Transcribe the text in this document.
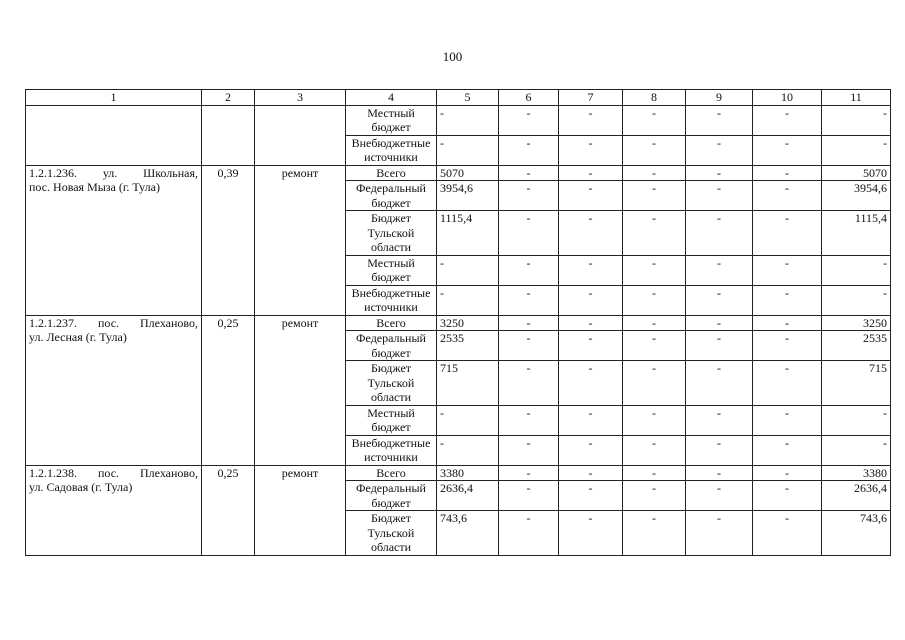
100
1	2	3	4	5	6	7	8	9	10	11
			Местный бюджет	-	-	-	-	-	-	-
			Внебюджетные источники	-	-	-	-	-	-	-
1.2.1.236. ул. Школьная,
пос. Новая Мыза (г. Тула)	0,39	ремонт	Всего	5070	-	-	-	-	-	5070
			Федеральный бюджет	3954,6	-	-	-	-	-	3954,6
			Бюджет Тульской области	1115,4	-	-	-	-	-	1115,4
			Местный бюджет	-	-	-	-	-	-	-
			Внебюджетные источники	-	-	-	-	-	-	-
1.2.1.237. пос. Плеханово,
ул. Лесная (г. Тула)	0,25	ремонт	Всего	3250	-	-	-	-	-	3250
			Федеральный бюджет	2535	-	-	-	-	-	2535
			Бюджет Тульской области	715	-	-	-	-	-	715
			Местный бюджет	-	-	-	-	-	-	-
			Внебюджетные источники	-	-	-	-	-	-	-
1.2.1.238. пос. Плеханово,
ул. Садовая (г. Тула)	0,25	ремонт	Всего	3380	-	-	-	-	-	3380
			Федеральный бюджет	2636,4	-	-	-	-	-	2636,4
			Бюджет Тульской области	743,6	-	-	-	-	-	743,6
